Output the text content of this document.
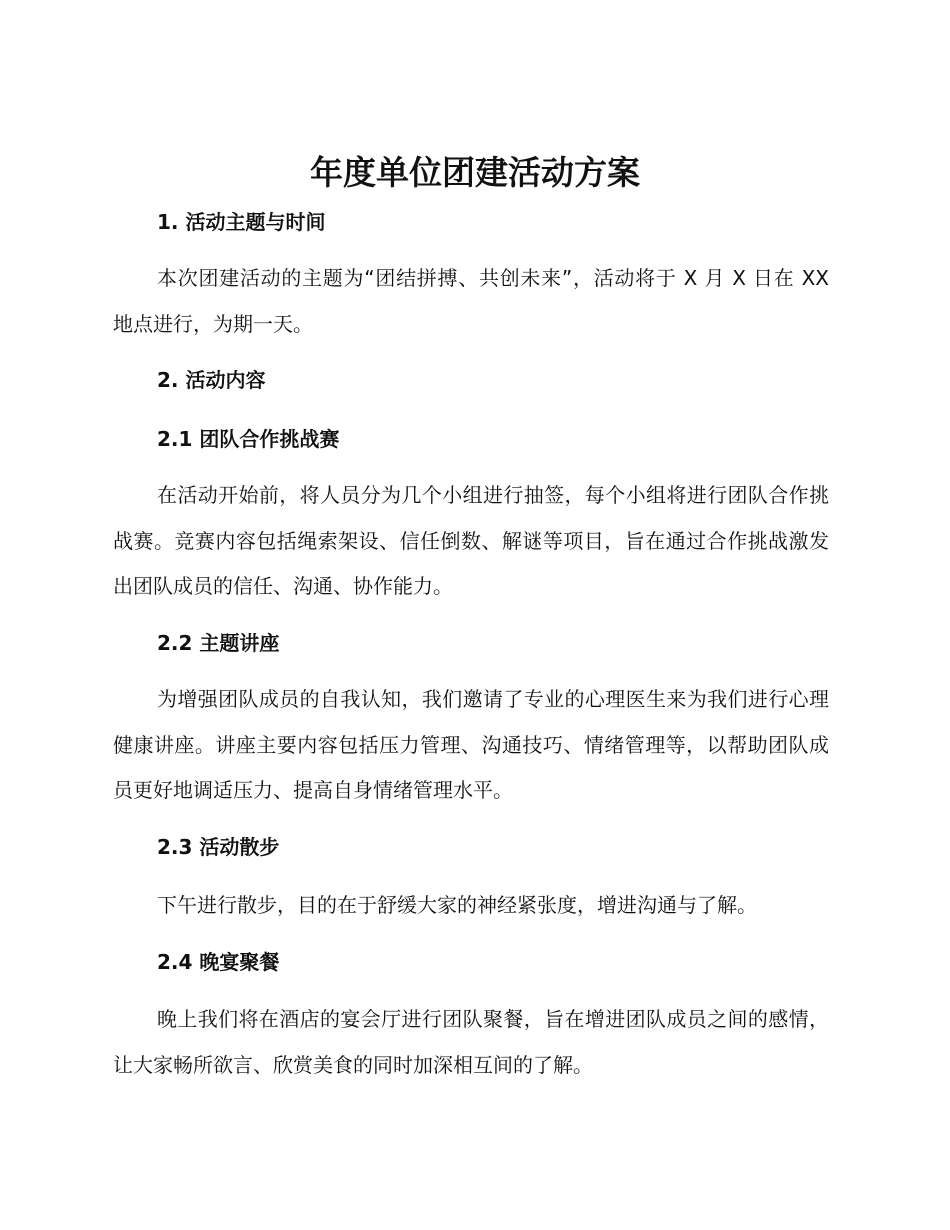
年度单位团建活动方案
1. 活动主题与时间

本次团建活动的主题为“团结拼搏、共创未来”，活动将于 X 月 X 日在 XX 地点进行，为期一天。

2. 活动内容
2.1 团队合作挑战赛

在活动开始前，将人员分为几个小组进行抽签，每个小组将进行团队合作挑战赛。竞赛内容包括绳索架设、信任倒数、解谜等项目，旨在通过合作挑战激发出团队成员的信任、沟通、协作能力。

2.2 主题讲座

为增强团队成员的自我认知，我们邀请了专业的心理医生来为我们进行心理健康讲座。讲座主要内容包括压力管理、沟通技巧、情绪管理等，以帮助团队成员更好地调适压力、提高自身情绪管理水平。

2.3 活动散步

下午进行散步，目的在于舒缓大家的神经紧张度，增进沟通与了解。

2.4 晚宴聚餐

晚上我们将在酒店的宴会厅进行团队聚餐，旨在增进团队成员之间的感情，让大家畅所欲言、欣赏美食的同时加深相互间的了解。
